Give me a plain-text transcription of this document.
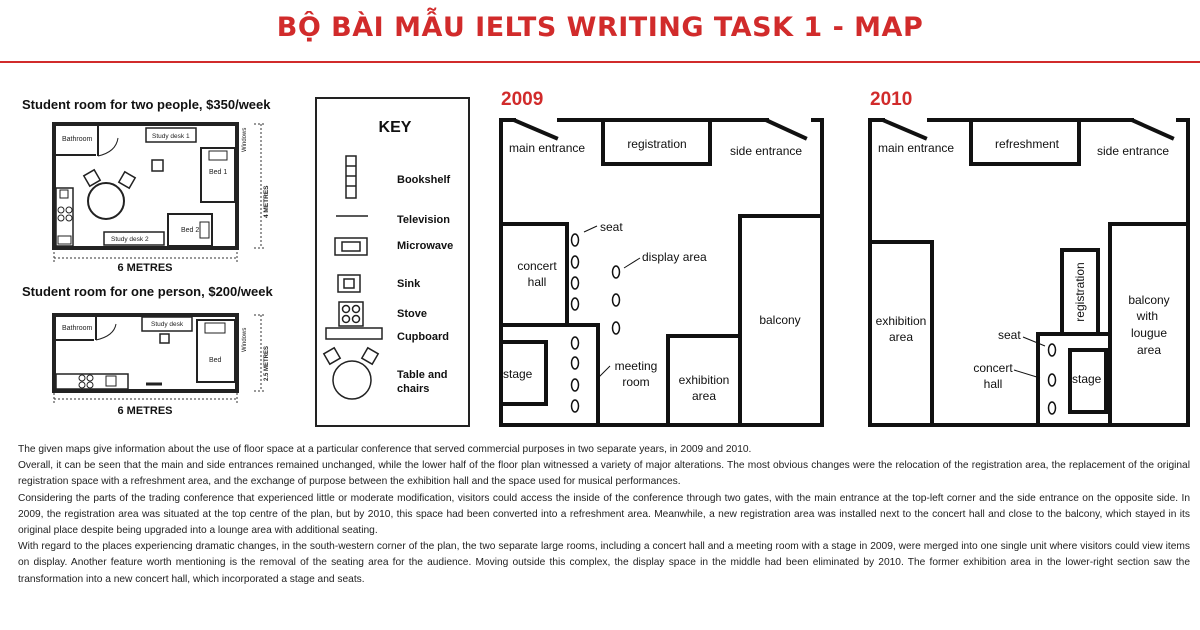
BỘ BÀI MẪU IELTS WRITING TASK 1 - MAP
Student room for two people, $350/week
Bathroom	Study desk 1
Study desk 2
Bed 1
Bed 2
Windows
4 METRES
6 METRES
Student room for one person, $200/week
Bathroom
Study desk
Bed
Windows
2.5 METRES
6 METRES
KEY
Bookshelf
Television
Microwave
Sink
Stove
Cupboard
Table and chairs
2009
main entrance	registration	side entrance
seat
display area
concert hall
balcony
stage
meeting room	exhibition area
2010
main entrance	refreshment	side entrance
registration	balcony with lougue area
exhibition area	seat
concert hall	stage

The given maps give information about the use of floor space at a particular conference that served commercial purposes in two separate years, in 2009 and 2010.

Overall, it can be seen that the main and side entrances remained unchanged, while the lower half of the floor plan witnessed a variety of major alterations. The most obvious changes were the relocation of the registration area, the replacement of the original registration space with a refreshment area, and the exchange of purpose between the exhibition hall and the space used for musical performances.

Considering the parts of the trading conference that experienced little or moderate modification, visitors could access the inside of the conference through two gates, with the main entrance at the top-left corner and the side entrance on the opposite side. In 2009, the registration area was situated at the top centre of the plan, but by 2010, this space had been converted into a refreshment area. Meanwhile, a new registration area was installed next to the concert hall and close to the balcony, which stayed in its original place despite being upgraded into a lounge area with additional seating.

With regard to the places experiencing dramatic changes, in the south-western corner of the plan, the two separate large rooms, including a concert hall and a meeting room with a stage in 2009, were merged into one single unit where visitors could view items on display. Another feature worth mentioning is the removal of the seating area for the audience. Moving outside this complex, the display space in the middle had been eliminated by 2010. The former exhibition area in the lower-right section saw the transformation into a new concert hall, which incorporated a stage and seats.
